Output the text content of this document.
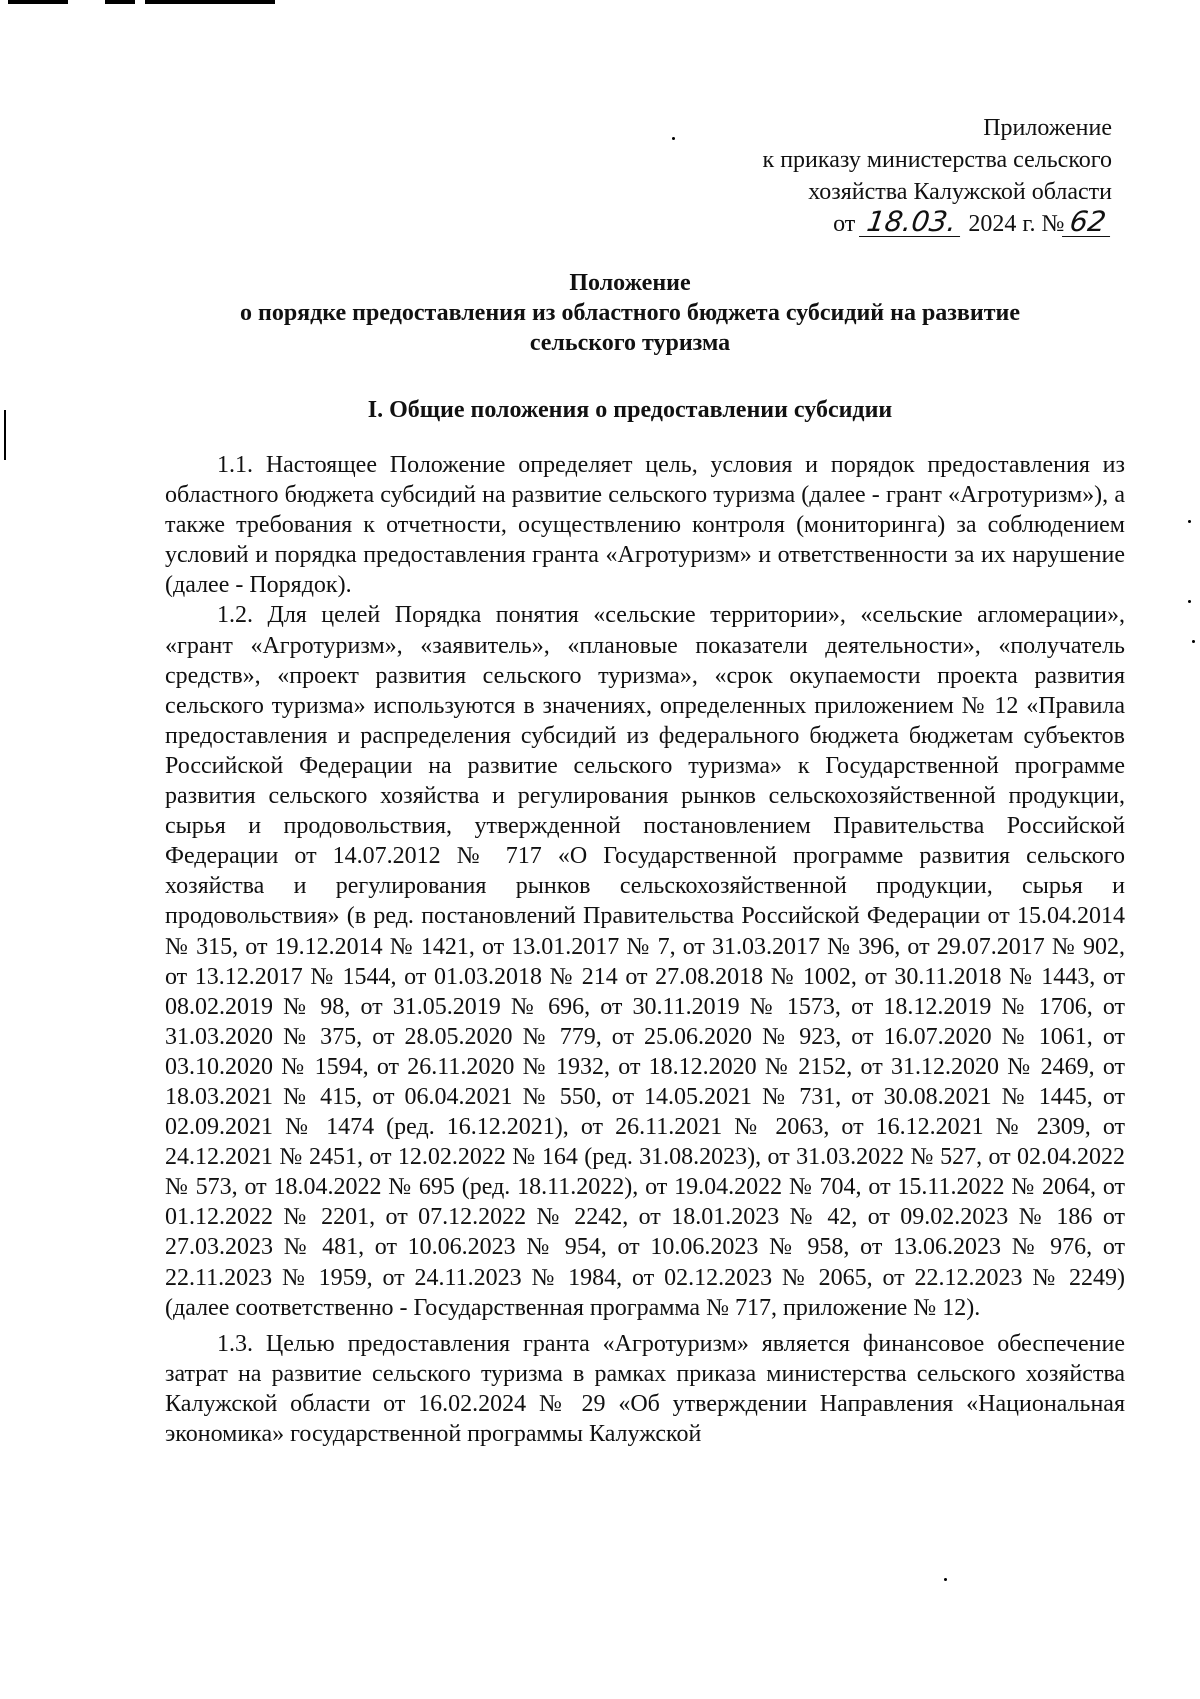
Приложение
к приказу министерства сельского
хозяйства Калужской области
от 18.03. 2024 г. № 62
Положение
о порядке предоставления из областного бюджета субсидий на развитие
сельского туризма
I. Общие положения о предоставлении субсидии

1.1. Настоящее Положение определяет цель, условия и порядок предоставления из областного бюджета субсидий на развитие сельского туризма (далее - грант «Агротуризм»), а также требования к отчетности, осуществлению контроля (мониторинга) за соблюдением условий и порядка предоставления гранта «Агротуризм» и ответственности за их нарушение (далее - Порядок).

1.2. Для целей Порядка понятия «сельские территории», «сельские агломерации», «грант «Агротуризм», «заявитель», «плановые показатели деятельности», «получатель средств», «проект развития сельского туризма», «срок окупаемости проекта развития сельского туризма» используются в значениях, определенных приложением № 12 «Правила предоставления и распределения субсидий из федерального бюджета бюджетам субъектов Российской Федерации на развитие сельского туризма» к Государственной программе развития сельского хозяйства и регулирования рынков сельскохозяйственной продукции, сырья и продовольствия, утвержденной постановлением Правительства Российской Федерации от 14.07.2012 № 717 «О Государственной программе развития сельского хозяйства и регулирования рынков сельскохозяйственной продукции, сырья и продовольствия» (в ред. постановлений Правительства Российской Федерации от 15.04.2014 № 315, от 19.12.2014 № 1421, от 13.01.2017 № 7, от 31.03.2017 № 396, от 29.07.2017 № 902, от 13.12.2017 № 1544, от 01.03.2018 № 214 от 27.08.2018 № 1002, от 30.11.2018 № 1443, от 08.02.2019 № 98, от 31.05.2019 № 696, от 30.11.2019 № 1573, от 18.12.2019 № 1706, от 31.03.2020 № 375, от 28.05.2020 № 779, от 25.06.2020 № 923, от 16.07.2020 № 1061, от 03.10.2020 № 1594, от 26.11.2020 № 1932, от 18.12.2020 № 2152, от 31.12.2020 № 2469, от 18.03.2021 № 415, от 06.04.2021 № 550, от 14.05.2021 № 731, от 30.08.2021 № 1445, от 02.09.2021 № 1474 (ред. 16.12.2021), от 26.11.2021 № 2063, от 16.12.2021 № 2309, от 24.12.2021 № 2451, от 12.02.2022 № 164 (ред. 31.08.2023), от 31.03.2022 № 527, от 02.04.2022 № 573, от 18.04.2022 № 695 (ред. 18.11.2022), от 19.04.2022 № 704, от 15.11.2022 № 2064, от 01.12.2022 № 2201, от 07.12.2022 № 2242, от 18.01.2023 № 42, от 09.02.2023 № 186 от 27.03.2023 № 481, от 10.06.2023 № 954, от 10.06.2023 № 958, от 13.06.2023 № 976, от 22.11.2023 № 1959, от 24.11.2023 № 1984, от 02.12.2023 № 2065, от 22.12.2023 № 2249) (далее соответственно - Государственная программа № 717, приложение № 12).

1.3. Целью предоставления гранта «Агротуризм» является финансовое обеспечение затрат на развитие сельского туризма в рамках приказа министерства сельского хозяйства Калужской области от 16.02.2024 № 29 «Об утверждении Направления «Национальная экономика» государственной программы Калужской
